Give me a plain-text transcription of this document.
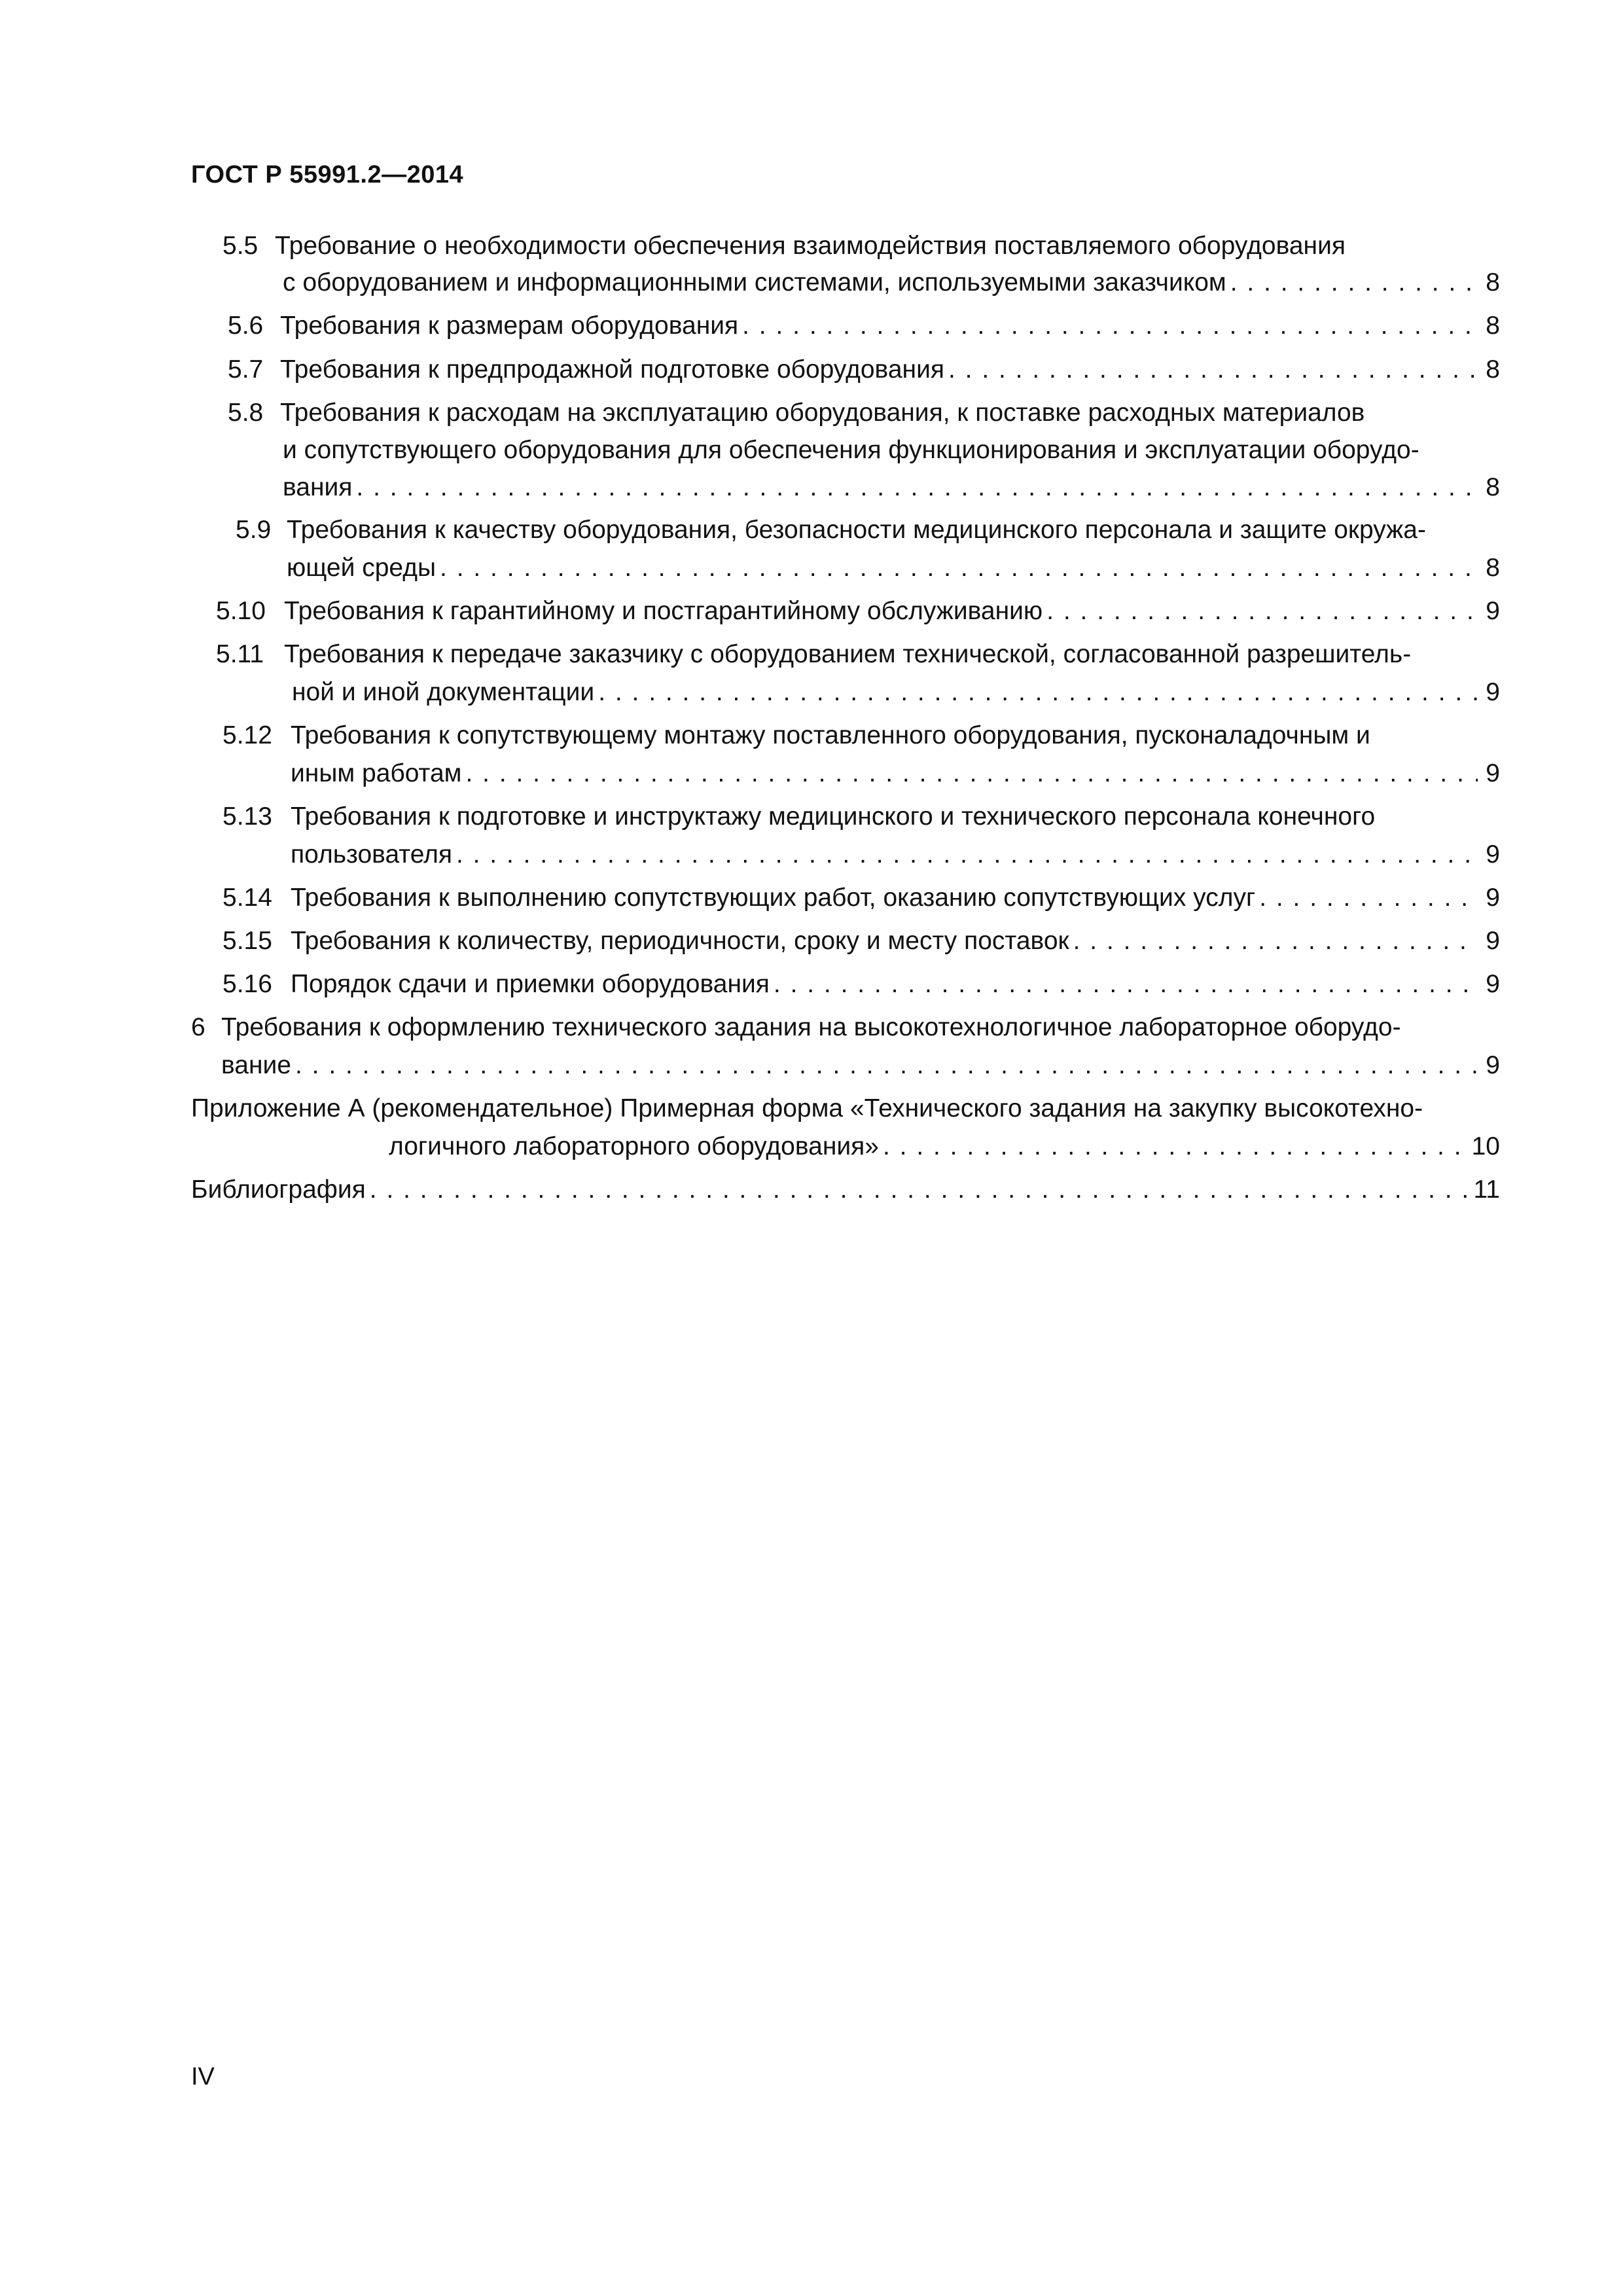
ГОСТ Р 55991.2—2014
5.5 Требование о необходимости обеспечения взаимодействия поставляемого оборудования
с оборудованием и информационными системами, используемыми заказчиком . . .	8
5.6 Требования к размерам оборудования . . .	8
5.7 Требования к предпродажной подготовке оборудования . . .	8
5.8 Требования к расходам на эксплуатацию оборудования, к поставке расходных материалов
и сопутствующего оборудования для обеспечения функционирования и эксплуатации оборудо-
вания . . .	8
5.9 Требования к качеству оборудования, безопасности медицинского персонала и защите окружа-
ющей среды . . .	8
5.10 Требования к гарантийному и постгарантийному обслуживанию . . .	9
5.11 Требования к передаче заказчику с оборудованием технической, согласованной разрешитель-
ной и иной документации . . .	9
5.12 Требования к сопутствующему монтажу поставленного оборудования, пусконаладочным и
иным работам . . .	9
5.13 Требования к подготовке и инструктажу медицинского и технического персонала конечного
пользователя . . .	9
5.14 Требования к выполнению сопутствующих работ, оказанию сопутствующих услуг . . .	9
5.15 Требования к количеству, периодичности, сроку и месту поставок . . .	9
5.16 Порядок сдачи и приемки оборудования . . .	9
6 Требования к оформлению технического задания на высокотехнологичное лабораторное оборудо-
вание . . .	9
Приложение А (рекомендательное) Примерная форма «Технического задания на закупку высокотехно-
логичного лабораторного оборудования» . . .	10
Библиография . . .	11
IV
